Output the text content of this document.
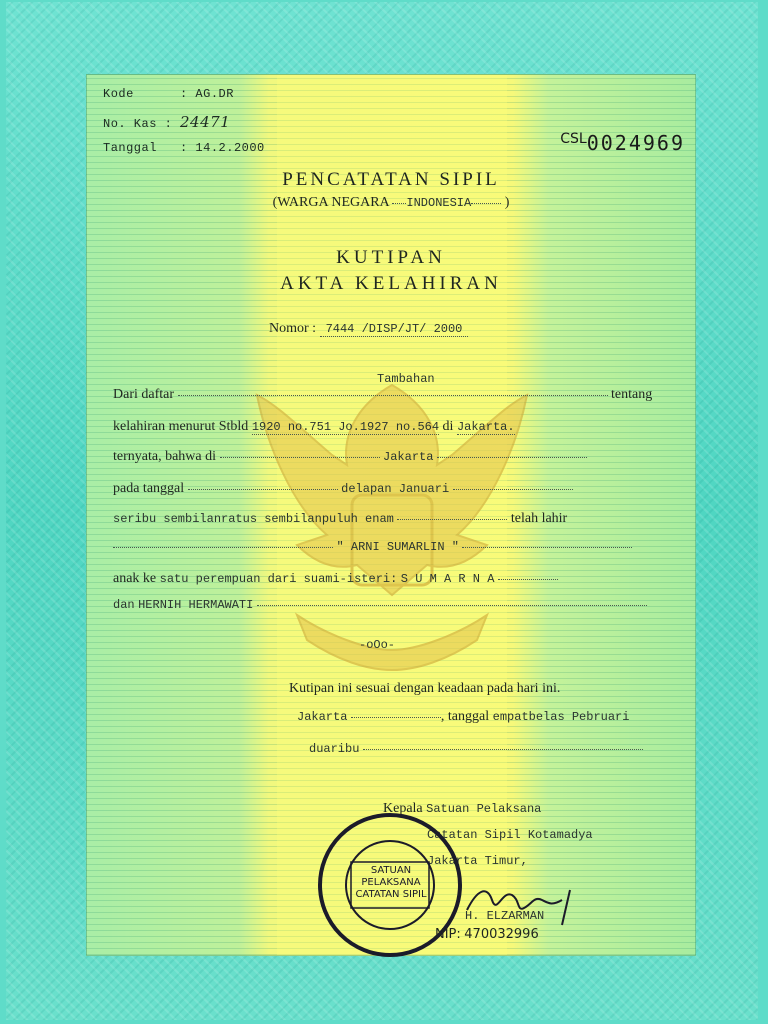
Kode	: AG.DR
No. Kas : 24471
Tanggal : 14.2.2000
CSL0024969
PENCATATAN SIPIL
(WARGA NEGARA INDONESIA )
KUTIPAN
AKTA KELAHIRAN
Nomor : 7444 /DISP/JT/ 2000
Tambahan
Dari daftar	tentang
kelahiran menurut Stbld 1920 no.751 Jo.1927 no.564 di Jakarta.
ternyata, bahwa di	Jakarta
pada tanggal	delapan Januari
seribu sembilanratus sembilanpuluh enam	telah lahir
" ARNI SUMARLIN "
anak ke satu perempuan dari suami-isteri: S U M A R N A
dan HERNIH HERMAWATI
-oOo-
Kutipan ini sesuai dengan keadaan pada hari ini.
Jakarta	, tanggal empatbelas Pebruari
duaribu
Kepala Satuan Pelaksana
Catatan Sipil Kotamadya
Jakarta Timur,
SATUAN PELAKSANA CATATAN SIPIL
H. ELZARMAN
NIP: 470032996
